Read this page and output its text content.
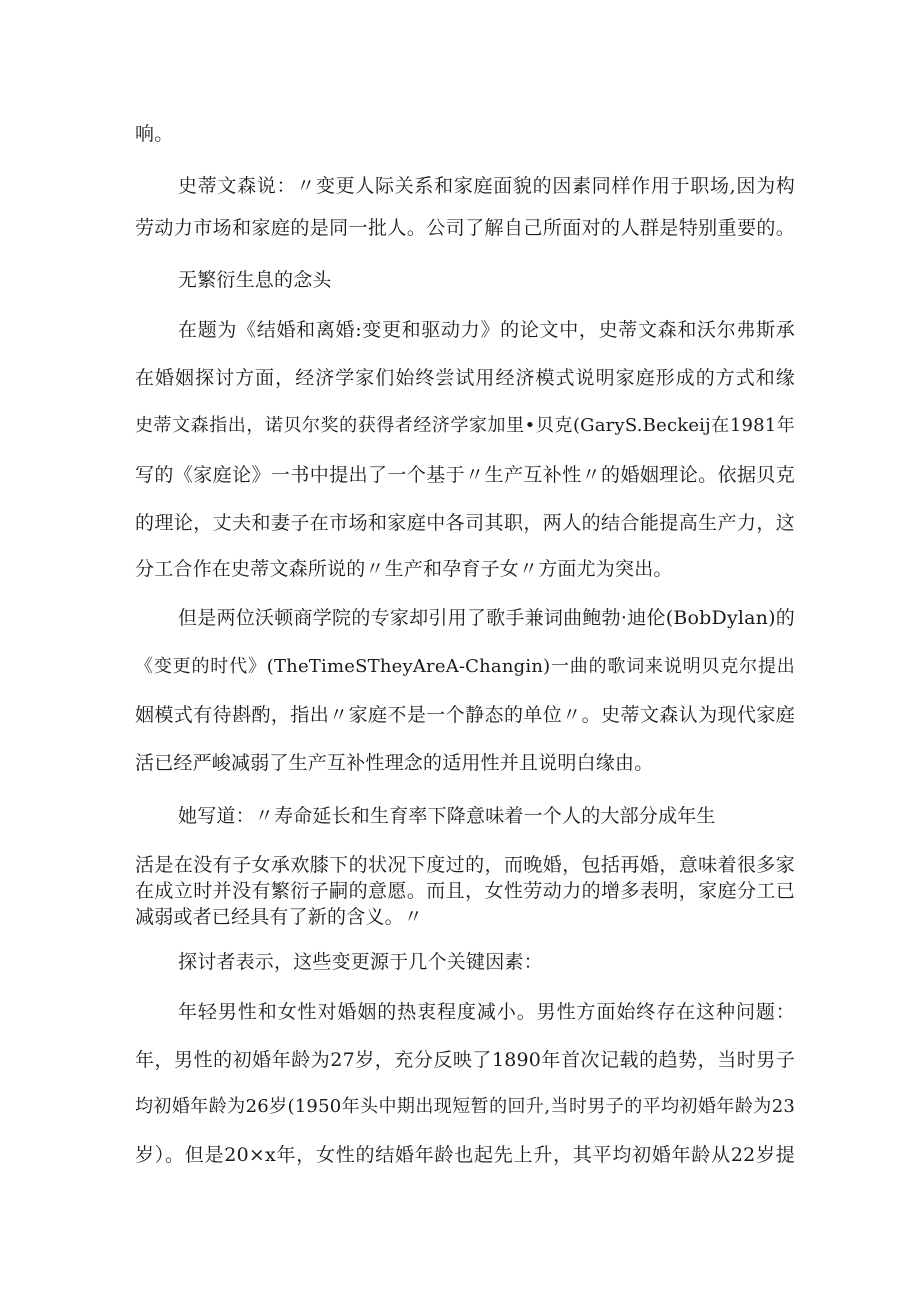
响。
史蒂文森说：〃变更人际关系和家庭面貌的因素同样作用于职场,因为构
劳动力市场和家庭的是同一批人。公司了解自己所面对的人群是特别重要的。
无繁衍生息的念头
在题为《结婚和离婚:变更和驱动力》的论文中，史蒂文森和沃尔弗斯承
在婚姻探讨方面，经济学家们始终尝试用经济模式说明家庭形成的方式和缘
史蒂文森指出，诺贝尔奖的获得者经济学家加里•贝克(GaryS.Beckeij在1981年
写的《家庭论》一书中提出了一个基于〃生产互补性〃的婚姻理论。依据贝克
的理论，丈夫和妻子在市场和家庭中各司其职，两人的结合能提高生产力，这
分工合作在史蒂文森所说的〃生产和孕育子女〃方面尤为突出。
但是两位沃顿商学院的专家却引用了歌手兼词曲鲍勃·迪伦(BobDylan)的
《变更的时代》(TheTimeSTheyAreA-Changin)一曲的歌词来说明贝克尔提出
姻模式有待斟酌，指出〃家庭不是一个静态的单位〃。史蒂文森认为现代家庭
活已经严峻减弱了生产互补性理念的适用性并且说明白缘由。
她写道：〃寿命延长和生育率下降意味着一个人的大部分成年生
活是在没有子女承欢膝下的状况下度过的，而晚婚，包括再婚，意味着很多家
在成立时并没有繁衍子嗣的意愿。而且，女性劳动力的增多表明，家庭分工已
减弱或者已经具有了新的含义。〃
探讨者表示，这些变更源于几个关键因素：
年轻男性和女性对婚姻的热衷程度减小。男性方面始终存在这种问题：
年，男性的初婚年龄为27岁，充分反映了1890年首次记载的趋势，当时男子
均初婚年龄为26岁(1950年头中期出现短暂的回升,当时男子的平均初婚年龄为23
岁）。但是20×x年，女性的结婚年龄也起先上升，其平均初婚年龄从22岁提
